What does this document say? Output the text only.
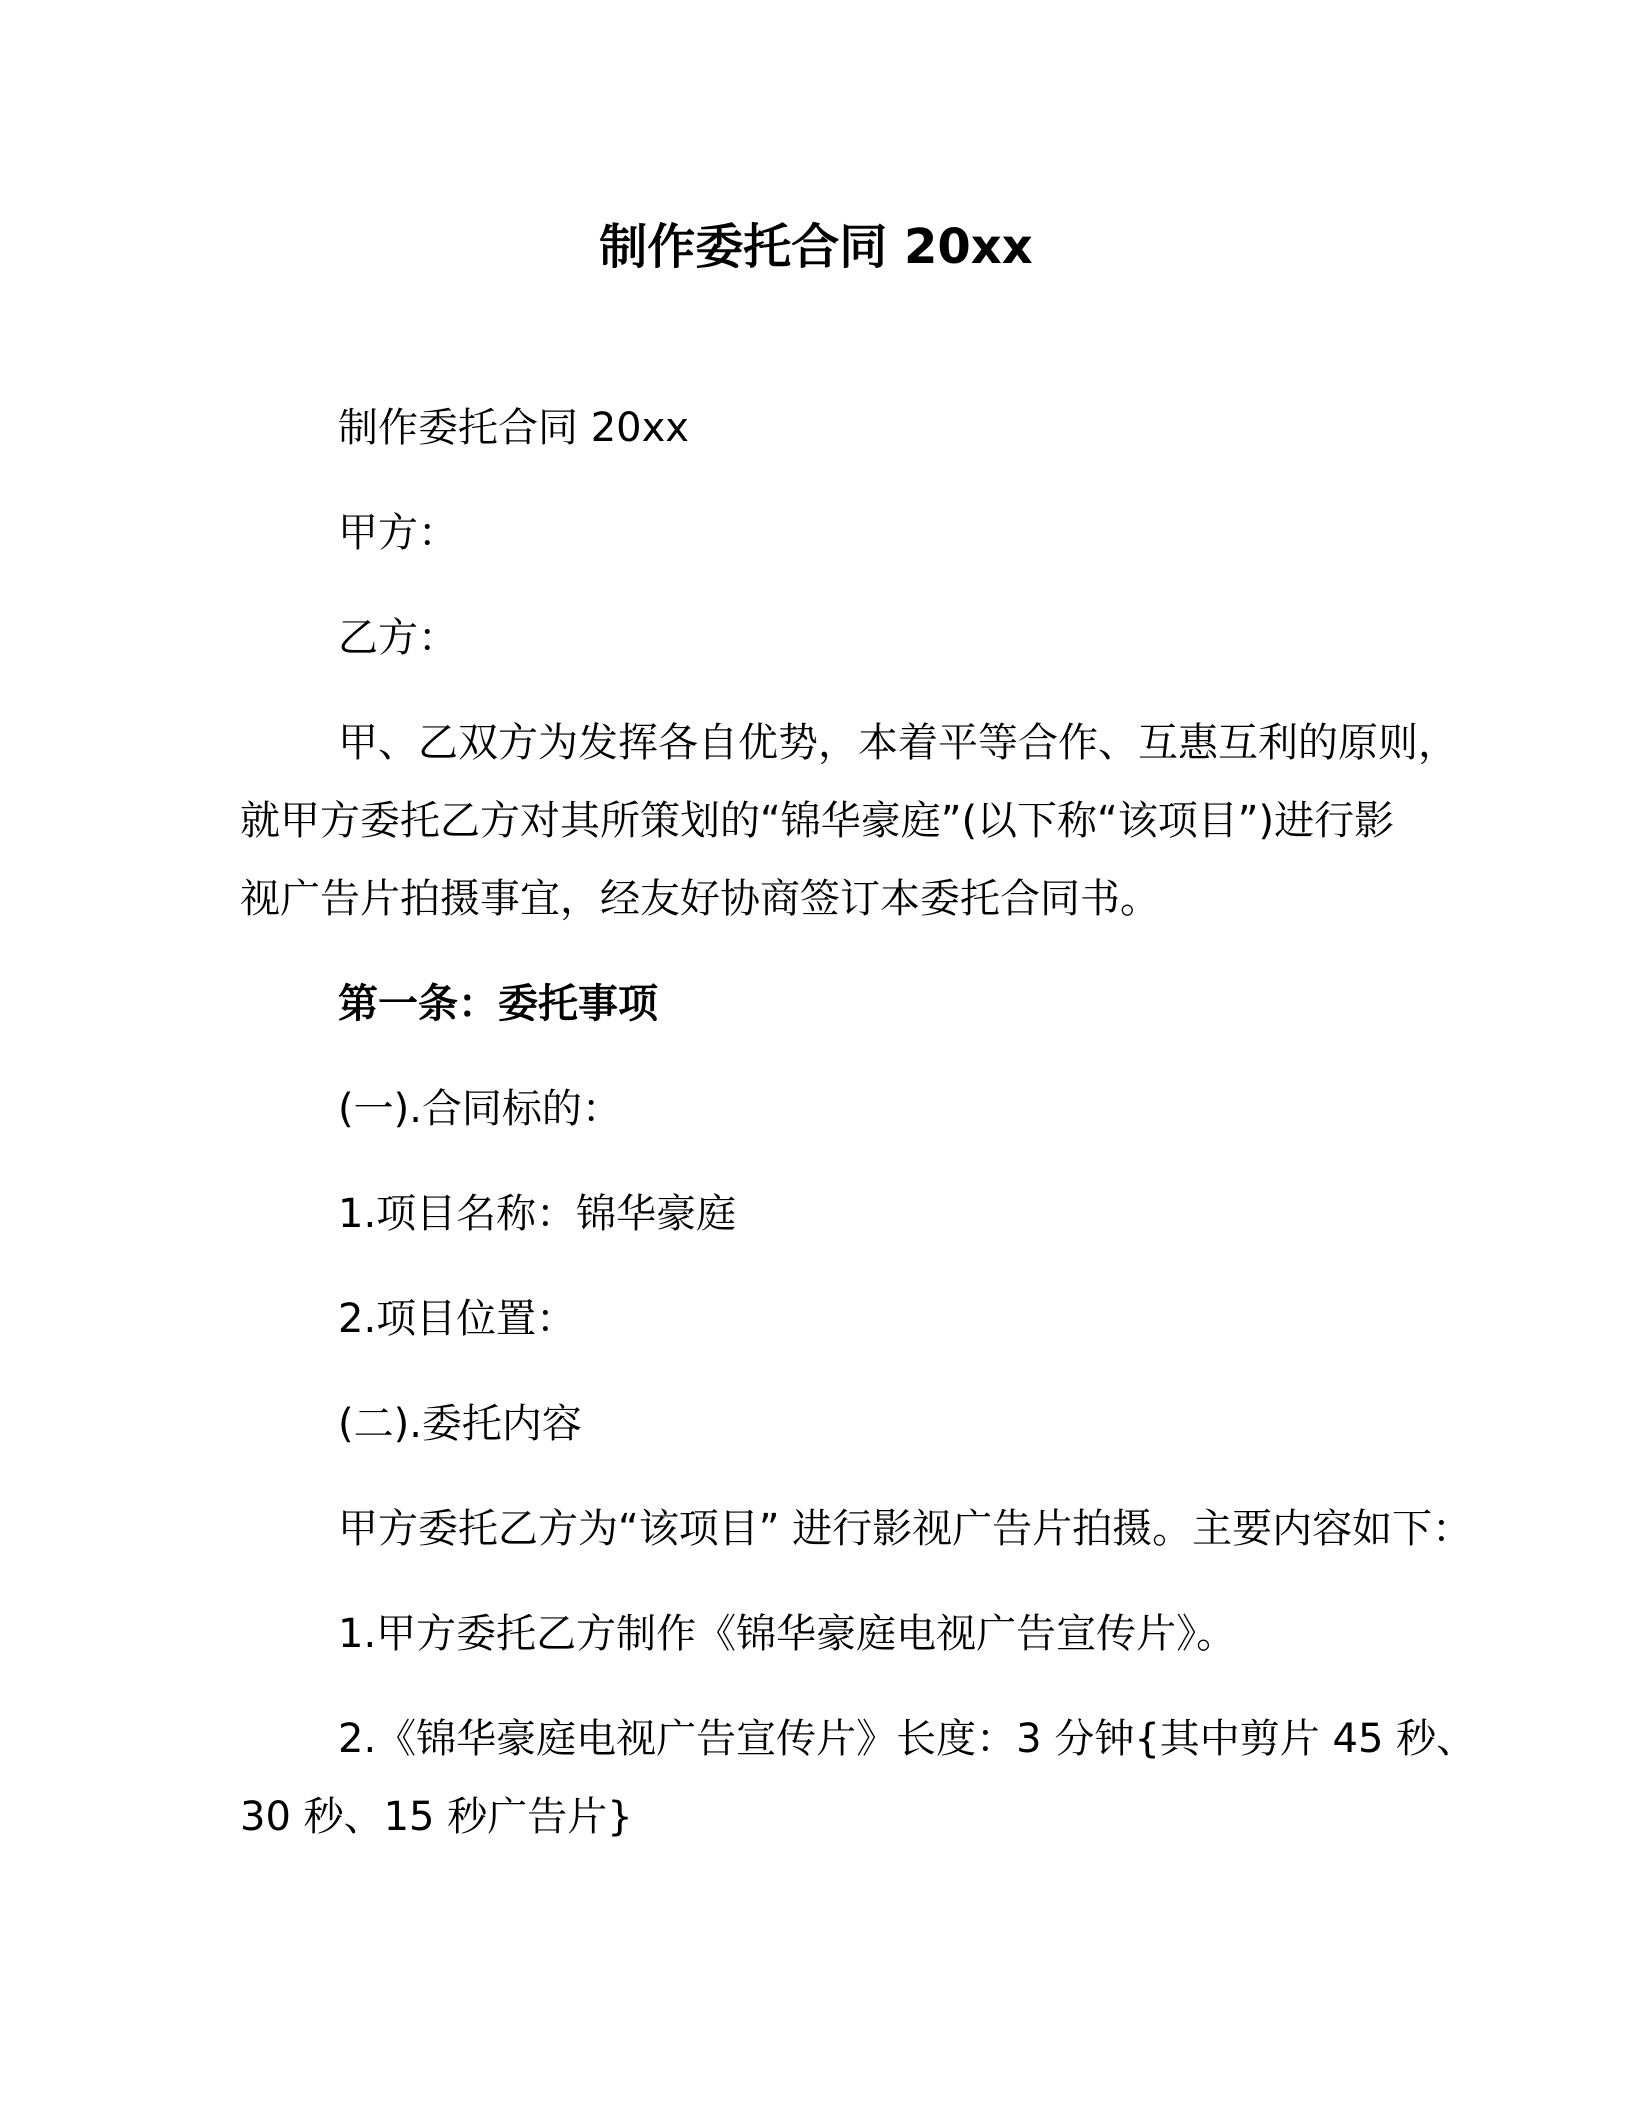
制作委托合同 20xx
制作委托合同 20xx
甲方：
乙方：
甲、乙双方为发挥各自优势，本着平等合作、互惠互利的原则，
就甲方委托乙方对其所策划的“锦华豪庭”(以下称“该项目”)进行影
视广告片拍摄事宜，经友好协商签订本委托合同书。
第一条：委托事项
(一).合同标的：
1.项目名称：锦华豪庭
2.项目位置：
(二).委托内容
甲方委托乙方为“该项目” 进行影视广告片拍摄。主要内容如下：
1.甲方委托乙方制作《锦华豪庭电视广告宣传片》。
2.《锦华豪庭电视广告宣传片》长度：3 分钟{其中剪片 45 秒、
30 秒、15 秒广告片}
